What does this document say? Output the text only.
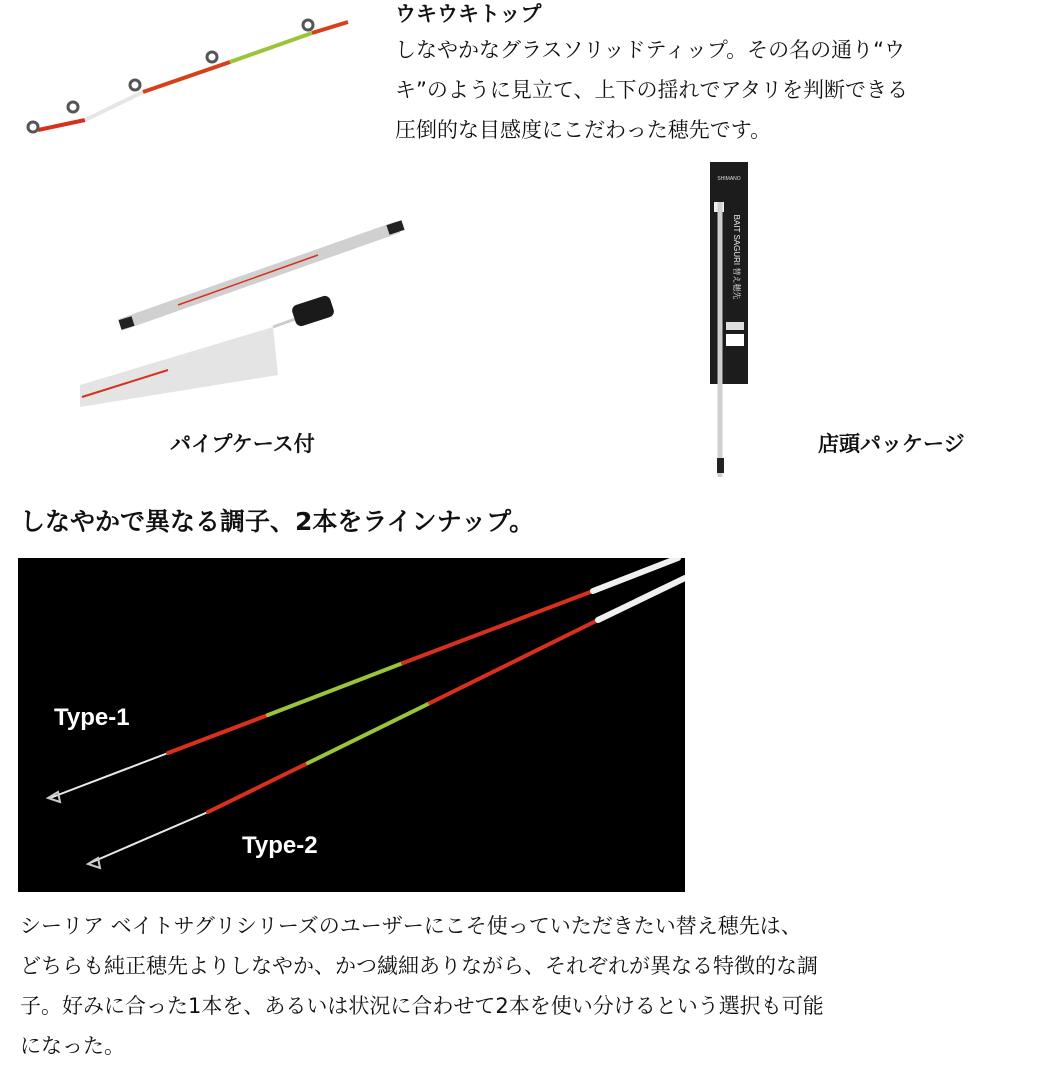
ウキウキトップ
しなやかなグラスソリッドティップ。その名の通り“ウ
キ”のように見立て、上下の揺れでアタリを判断できる
圧倒的な目感度にこだわった穂先です。
パイプケース付
SHIMANO
BAIT SAGURI 替え穂先
店頭パッケージ
しなやかで異なる調子、2本をラインナップ。
Type-1
Type-2
シーリア ベイトサグリシリーズのユーザーにこそ使っていただきたい替え穂先は、
どちらも純正穂先よりしなやか、かつ繊細ありながら、それぞれが異なる特徴的な調
子。好みに合った1本を、あるいは状況に合わせて2本を使い分けるという選択も可能
になった。
